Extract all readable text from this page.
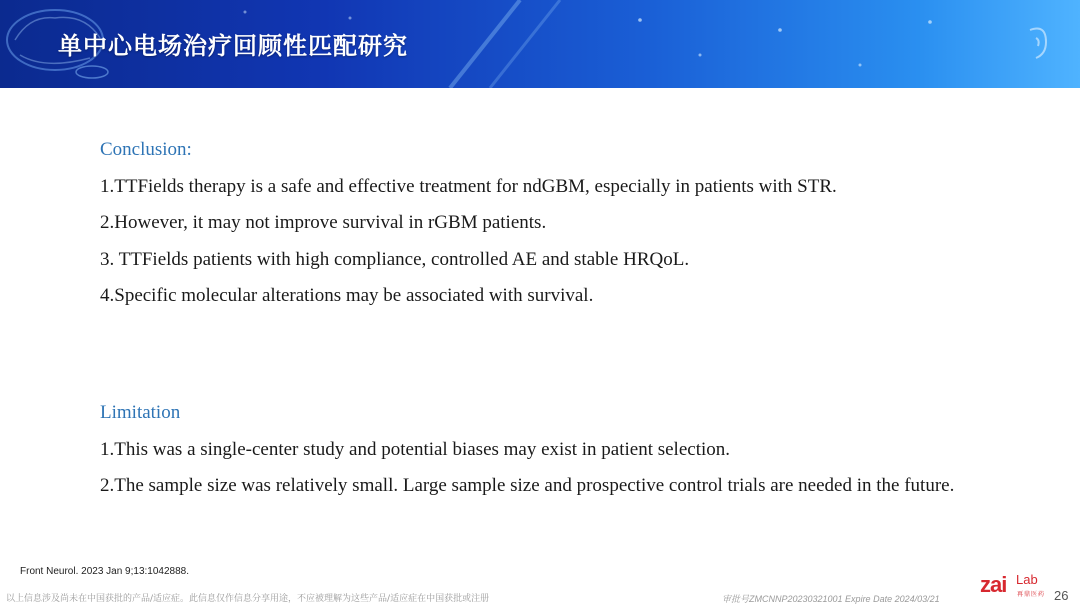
单中心电场治疗回顾性匹配研究
Conclusion:
1.TTFields therapy is a safe and effective treatment for ndGBM, especially in patients with STR.
2.However, it may not improve survival in rGBM patients.
3. TTFields patients with high compliance, controlled AE and stable HRQoL.
4.Specific molecular alterations may be associated with survival.
Limitation
1.This was a single-center study and potential biases may exist in patient selection.
2.The sample size was relatively small. Large sample size and prospective control trials are needed in the future.
Front Neurol. 2023 Jan 9;13:1042888.
以上信息涉及尚未在中国获批的产品/适应症。此信息仅作信息分享用途，不应被理解为这些产品/适应症在中国获批或注册	审批号ZMCNNP20230321001 Expire Date 2024/03/21
zai Lab
再鼎医药 26
